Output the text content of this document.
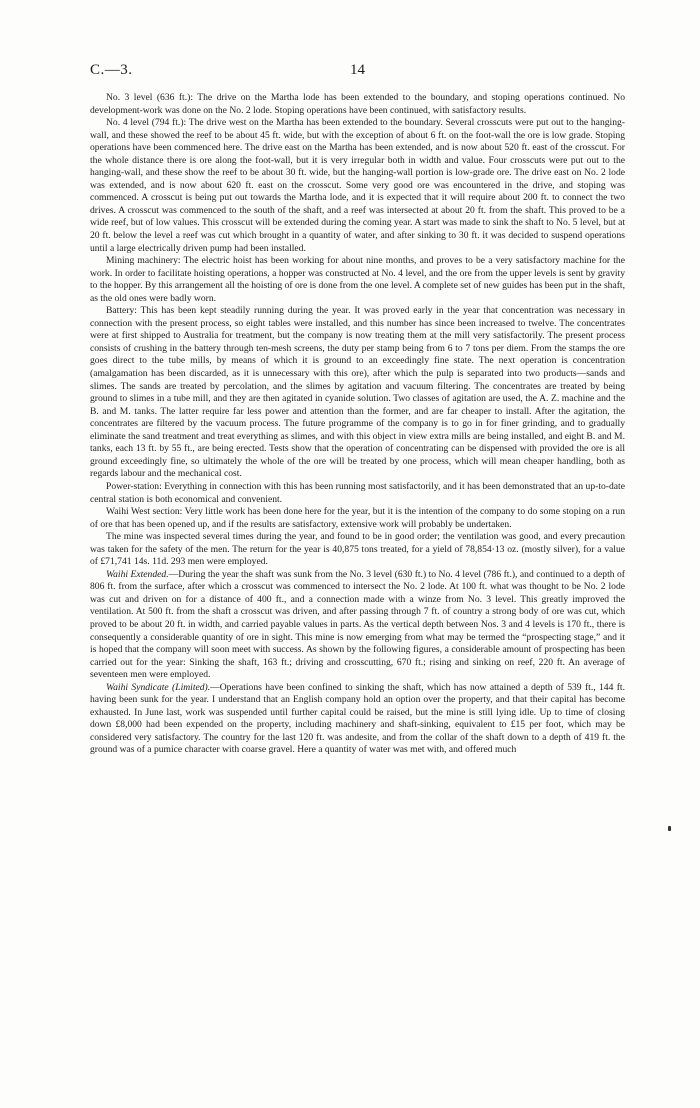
C.—3.	14

No. 3 level (636 ft.): The drive on the Martha lode has been extended to the boundary, and stoping operations continued. No development-work was done on the No. 2 lode. Stoping operations have been continued, with satisfactory results.

No. 4 level (794 ft.): The drive west on the Martha has been extended to the boundary. Several crosscuts were put out to the hanging-wall, and these showed the reef to be about 45 ft. wide, but with the exception of about 6 ft. on the foot-wall the ore is low grade. Stoping operations have been commenced here. The drive east on the Martha has been extended, and is now about 520 ft. east of the crosscut. For the whole distance there is ore along the foot-wall, but it is very irregular both in width and value. Four crosscuts were put out to the hanging-wall, and these show the reef to be about 30 ft. wide, but the hanging-wall portion is low-grade ore. The drive east on No. 2 lode was extended, and is now about 620 ft. east on the crosscut. Some very good ore was encountered in the drive, and stoping was commenced. A crosscut is being put out towards the Martha lode, and it is expected that it will require about 200 ft. to connect the two drives. A crosscut was commenced to the south of the shaft, and a reef was intersected at about 20 ft. from the shaft. This proved to be a wide reef, but of low values. This crosscut will be extended during the coming year. A start was made to sink the shaft to No. 5 level, but at 20 ft. below the level a reef was cut which brought in a quantity of water, and after sinking to 30 ft. it was decided to suspend operations until a large electrically driven pump had been installed.

Mining machinery: The electric hoist has been working for about nine months, and proves to be a very satisfactory machine for the work. In order to facilitate hoisting operations, a hopper was constructed at No. 4 level, and the ore from the upper levels is sent by gravity to the hopper. By this arrangement all the hoisting of ore is done from the one level. A complete set of new guides has been put in the shaft, as the old ones were badly worn.

Battery: This has been kept steadily running during the year. It was proved early in the year that concentration was necessary in connection with the present process, so eight tables were installed, and this number has since been increased to twelve. The concentrates were at first shipped to Australia for treatment, but the company is now treating them at the mill very satisfactorily. The present process consists of crushing in the battery through ten-mesh screens, the duty per stamp being from 6 to 7 tons per diem. From the stamps the ore goes direct to the tube mills, by means of which it is ground to an exceedingly fine state. The next operation is concentration (amalgamation has been discarded, as it is unnecessary with this ore), after which the pulp is separated into two products—sands and slimes. The sands are treated by percolation, and the slimes by agitation and vacuum filtering. The concentrates are treated by being ground to slimes in a tube mill, and they are then agitated in cyanide solution. Two classes of agitation are used, the A. Z. machine and the B. and M. tanks. The latter require far less power and attention than the former, and are far cheaper to install. After the agitation, the concentrates are filtered by the vacuum process. The future programme of the company is to go in for finer grinding, and to gradually eliminate the sand treatment and treat everything as slimes, and with this object in view extra mills are being installed, and eight B. and M. tanks, each 13 ft. by 55 ft., are being erected. Tests show that the operation of concentrating can be dispensed with provided the ore is all ground exceedingly fine, so ultimately the whole of the ore will be treated by one process, which will mean cheaper handling, both as regards labour and the mechanical cost.

Power-station: Everything in connection with this has been running most satisfactorily, and it has been demonstrated that an up-to-date central station is both economical and convenient.

Waihi West section: Very little work has been done here for the year, but it is the intention of the company to do some stoping on a run of ore that has been opened up, and if the results are satisfactory, extensive work will probably be undertaken.

The mine was inspected several times during the year, and found to be in good order; the ventilation was good, and every precaution was taken for the safety of the men. The return for the year is 40,875 tons treated, for a yield of 78,854·13 oz. (mostly silver), for a value of £71,741 14s. 11d. 293 men were employed.

Waihi Extended.—During the year the shaft was sunk from the No. 3 level (630 ft.) to No. 4 level (786 ft.), and continued to a depth of 806 ft. from the surface, after which a crosscut was commenced to intersect the No. 2 lode. At 100 ft. what was thought to be No. 2 lode was cut and driven on for a distance of 400 ft., and a connection made with a winze from No. 3 level. This greatly improved the ventilation. At 500 ft. from the shaft a crosscut was driven, and after passing through 7 ft. of country a strong body of ore was cut, which proved to be about 20 ft. in width, and carried payable values in parts. As the vertical depth between Nos. 3 and 4 levels is 170 ft., there is consequently a considerable quantity of ore in sight. This mine is now emerging from what may be termed the “prospecting stage,” and it is hoped that the company will soon meet with success. As shown by the following figures, a considerable amount of prospecting has been carried out for the year: Sinking the shaft, 163 ft.; driving and crosscutting, 670 ft.; rising and sinking on reef, 220 ft. An average of seventeen men were employed.

Waihi Syndicate (Limited).—Operations have been confined to sinking the shaft, which has now attained a depth of 539 ft., 144 ft. having been sunk for the year. I understand that an English company hold an option over the property, and that their capital has become exhausted. In June last, work was suspended until further capital could be raised, but the mine is still lying idle. Up to time of closing down £8,000 had been expended on the property, including machinery and shaft-sinking, equivalent to £15 per foot, which may be considered very satisfactory. The country for the last 120 ft. was andesite, and from the collar of the shaft down to a depth of 419 ft. the ground was of a pumice character with coarse gravel. Here a quantity of water was met with, and offered much
